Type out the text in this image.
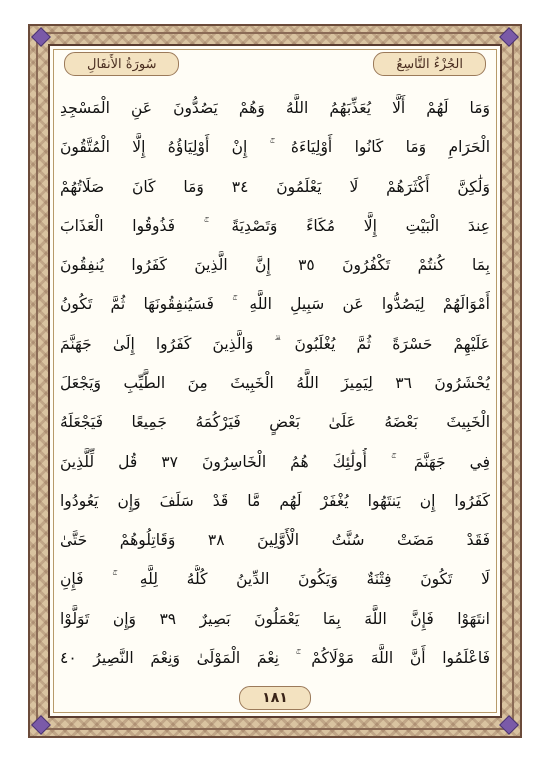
سُورَةُ الأَنفَالِ	الجُزْءُ التَّاسِعُ
وَمَا لَهُمْ أَلَّا يُعَذِّبَهُمُ اللَّهُ وَهُمْ يَصُدُّونَ عَنِ الْمَسْجِدِ
الْحَرَامِ وَمَا كَانُوا أَوْلِيَاءَهُ ۚ إِنْ أَوْلِيَاؤُهُ إِلَّا الْمُتَّقُونَ
وَلَٰكِنَّ أَكْثَرَهُمْ لَا يَعْلَمُونَ ٣٤ وَمَا كَانَ صَلَاتُهُمْ
عِندَ الْبَيْتِ إِلَّا مُكَاءً وَتَصْدِيَةً ۚ فَذُوقُوا الْعَذَابَ
بِمَا كُنتُمْ تَكْفُرُونَ ٣٥ إِنَّ الَّذِينَ كَفَرُوا يُنفِقُونَ
أَمْوَالَهُمْ لِيَصُدُّوا عَن سَبِيلِ اللَّهِ ۚ فَسَيُنفِقُونَهَا ثُمَّ تَكُونُ
عَلَيْهِمْ حَسْرَةً ثُمَّ يُغْلَبُونَ ۗ وَالَّذِينَ كَفَرُوا إِلَىٰ جَهَنَّمَ
يُحْشَرُونَ ٣٦ لِيَمِيزَ اللَّهُ الْخَبِيثَ مِنَ الطَّيِّبِ وَيَجْعَلَ
الْخَبِيثَ بَعْضَهُ عَلَىٰ بَعْضٍ فَيَرْكُمَهُ جَمِيعًا فَيَجْعَلَهُ
فِي جَهَنَّمَ ۚ أُولَٰئِكَ هُمُ الْخَاسِرُونَ ٣٧ قُل لِّلَّذِينَ
كَفَرُوا إِن يَنتَهُوا يُغْفَرْ لَهُم مَّا قَدْ سَلَفَ وَإِن يَعُودُوا
فَقَدْ مَضَتْ سُنَّتُ الْأَوَّلِينَ ٣٨ وَقَاتِلُوهُمْ حَتَّىٰ
لَا تَكُونَ فِتْنَةٌ وَيَكُونَ الدِّينُ كُلُّهُ لِلَّهِ ۚ فَإِنِ
انتَهَوْا فَإِنَّ اللَّهَ بِمَا يَعْمَلُونَ بَصِيرٌ ٣٩ وَإِن تَوَلَّوْا
فَاعْلَمُوا أَنَّ اللَّهَ مَوْلَاكُمْ ۚ نِعْمَ الْمَوْلَىٰ وَنِعْمَ النَّصِيرُ ٤٠
١٨١
